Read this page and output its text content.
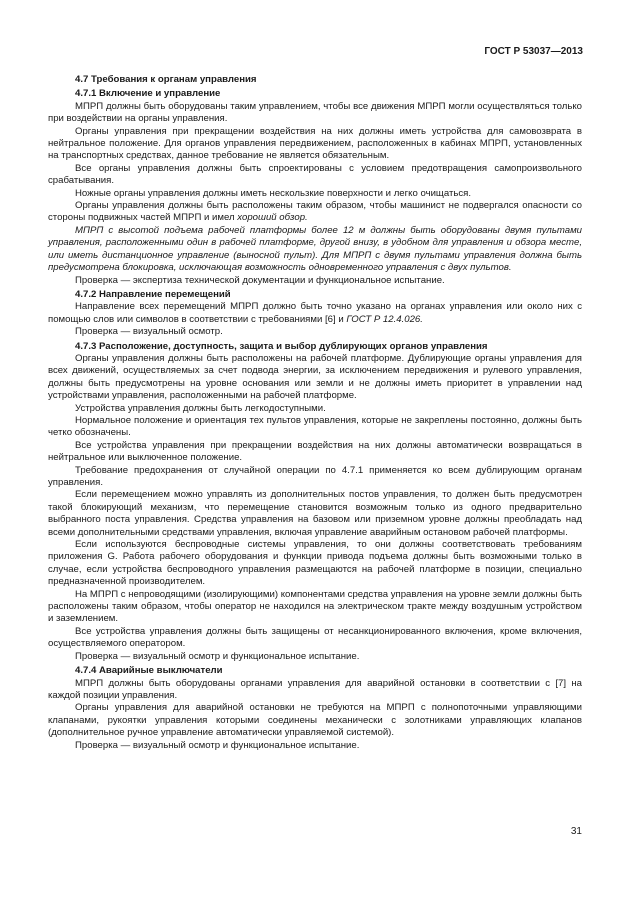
ГОСТ Р 53037—2013

4.7 Требования к органам управления

4.7.1 Включение и управление

МПРП должны быть оборудованы таким управлением, чтобы все движения МПРП могли осуществляться только при воздействии на органы управления.

Органы управления при прекращении воздействия на них должны иметь устройства для самовозврата в нейтральное положение. Для органов управления передвижением, расположенных в кабинах МПРП, установленных на транспортных средствах, данное требование не является обязательным.

Все органы управления должны быть спроектированы с условием предотвращения самопроизвольного срабатывания.

Ножные органы управления должны иметь нескользкие поверхности и легко очищаться.

Органы управления должны быть расположены таким образом, чтобы машинист не подвергался опасности со стороны подвижных частей МПРП и имел хороший обзор.

МПРП с высотой подъема рабочей платформы более 12 м должны быть оборудованы двумя пультами управления, расположенными один в рабочей платформе, другой внизу, в удобном для управления и обзора месте, или иметь дистанционное управление (выносной пульт). Для МПРП с двумя пультами управления должна быть предусмотрена блокировка, исключающая возможность одновременного управления с двух пультов.

Проверка — экспертиза технической документации и функциональное испытание.

4.7.2 Направление перемещений

Направление всех перемещений МПРП должно быть точно указано на органах управления или около них с помощью слов или символов в соответствии с требованиями [6] и ГОСТ Р 12.4.026.

Проверка — визуальный осмотр.

4.7.3 Расположение, доступность, защита и выбор дублирующих органов управления

Органы управления должны быть расположены на рабочей платформе. Дублирующие органы управления для всех движений, осуществляемых за счет подвода энергии, за исключением передвижения и рулевого управления, должны быть предусмотрены на уровне основания или земли и не должны иметь приоритет в управлении над устройствами управления, расположенными на рабочей платформе.

Устройства управления должны быть легкодоступными.

Нормальное положение и ориентация тех пультов управления, которые не закреплены постоянно, должны быть четко обозначены.

Все устройства управления при прекращении воздействия на них должны автоматически возвращаться в нейтральное или выключенное положение.

Требование предохранения от случайной операции по 4.7.1 применяется ко всем дублирующим органам управления.

Если перемещением можно управлять из дополнительных постов управления, то должен быть предусмотрен такой блокирующий механизм, что перемещение становится возможным только из одного предварительно выбранного поста управления. Средства управления на базовом или приземном уровне должны преобладать над всеми дополнительными средствами управления, включая управление аварийным остановом рабочей платформы.

Если используются беспроводные системы управления, то они должны соответствовать требованиям приложения G. Работа рабочего оборудования и функции привода подъема должны быть возможными только в случае, если устройства беспроводного управления размещаются на рабочей платформе в позиции, специально предназначенной производителем.

На МПРП с непроводящими (изолирующими) компонентами средства управления на уровне земли должны быть расположены таким образом, чтобы оператор не находился на электрическом тракте между воздушным устройством и заземлением.

Все устройства управления должны быть защищены от несанкционированного включения, кроме включения, осуществляемого оператором.

Проверка — визуальный осмотр и функциональное испытание.

4.7.4 Аварийные выключатели

МПРП должны быть оборудованы органами управления для аварийной остановки в соответствии с [7] на каждой позиции управления.

Органы управления для аварийной остановки не требуются на МПРП с полнопоточными управляющими клапанами, рукоятки управления которыми соединены механически с золотниками управляющих клапанов (дополнительное ручное управление автоматически управляемой системой).

Проверка — визуальный осмотр и функциональное испытание.

31
